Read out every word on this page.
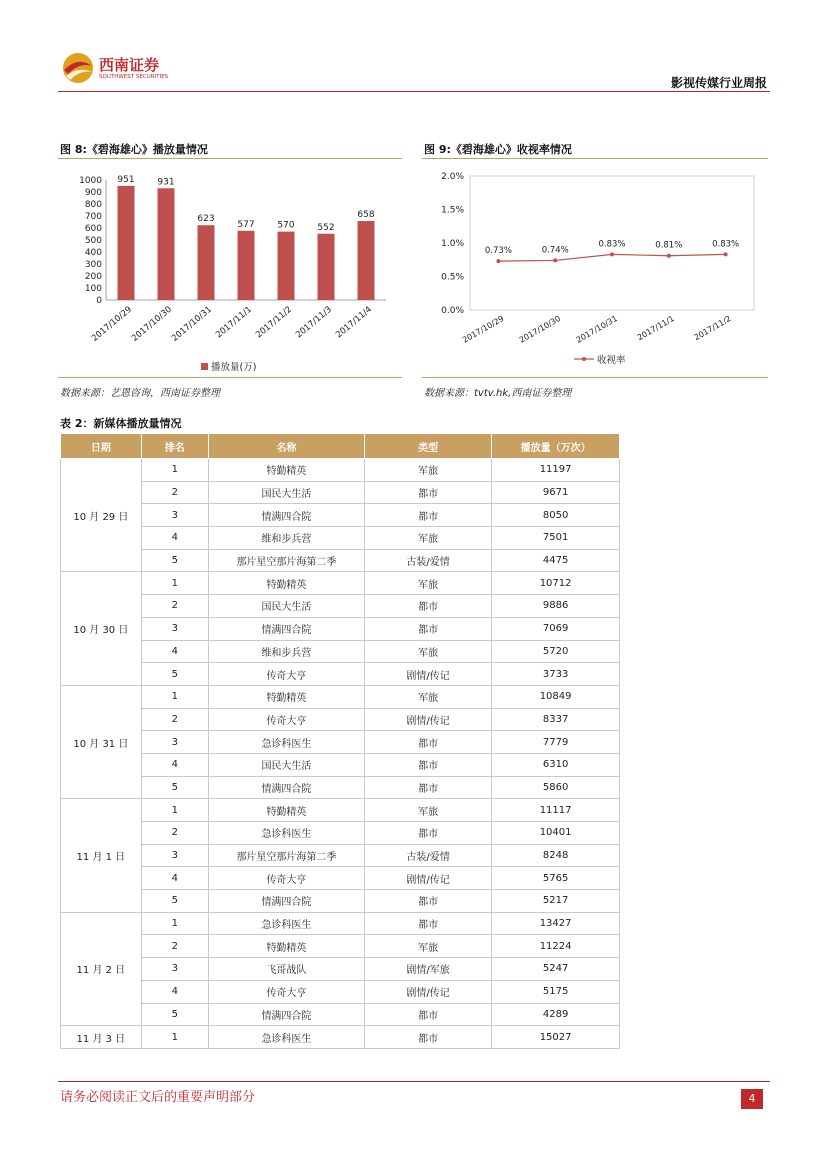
西南证券
SOUTHWEST SECURITIES	影视传媒行业周报
图 8:《碧海雄心》播放量情况
0
100
200
300
400
500
600
700
800
900
1000 951
2017/10/29
931
2017/10/30
623
2017/10/31
577
2017/11/1
570
2017/11/2
552
2017/11/3
658
2017/11/4
播放量(万)
数据来源：艺恩咨询，西南证券整理
图 9:《碧海雄心》收视率情况
0.0%
0.5%
1.0%
1.5%
2.0%
0.73%
2017/10/29
0.74%
2017/10/30
0.83%
2017/10/31
0.81%
2017/11/1
0.83%
2017/11/2
收视率
数据来源：tvtv.hk,西南证券整理
表 2：新媒体播放量情况
日期	排名	名称	类型	播放量（万次）
10 月 29 日	1	特勤精英	军旅	11197
	2	国民大生活	都市	9671
	3	情满四合院	都市	8050
	4	维和步兵营	军旅	7501
	5	那片星空那片海第二季	古装/爱情	4475
10 月 30 日	1	特勤精英	军旅	10712
	2	国民大生活	都市	9886
	3	情满四合院	都市	7069
	4	维和步兵营	军旅	5720
	5	传奇大亨	剧情/传记	3733
10 月 31 日	1	特勤精英	军旅	10849
	2	传奇大亨	剧情/传记	8337
	3	急诊科医生	都市	7779
	4	国民大生活	都市	6310
	5	情满四合院	都市	5860
11 月 1 日	1	特勤精英	军旅	11117
	2	急诊科医生	都市	10401
	3	那片星空那片海第二季	古装/爱情	8248
	4	传奇大亨	剧情/传记	5765
	5	情满四合院	都市	5217
11 月 2 日	1	急诊科医生	都市	13427
	2	特勤精英	军旅	11224
	3	飞哥战队	剧情/军旅	5247
	4	传奇大亨	剧情/传记	5175
	5	情满四合院	都市	4289
11 月 3 日	1	急诊科医生	都市	15027
请务必阅读正文后的重要声明部分	4
